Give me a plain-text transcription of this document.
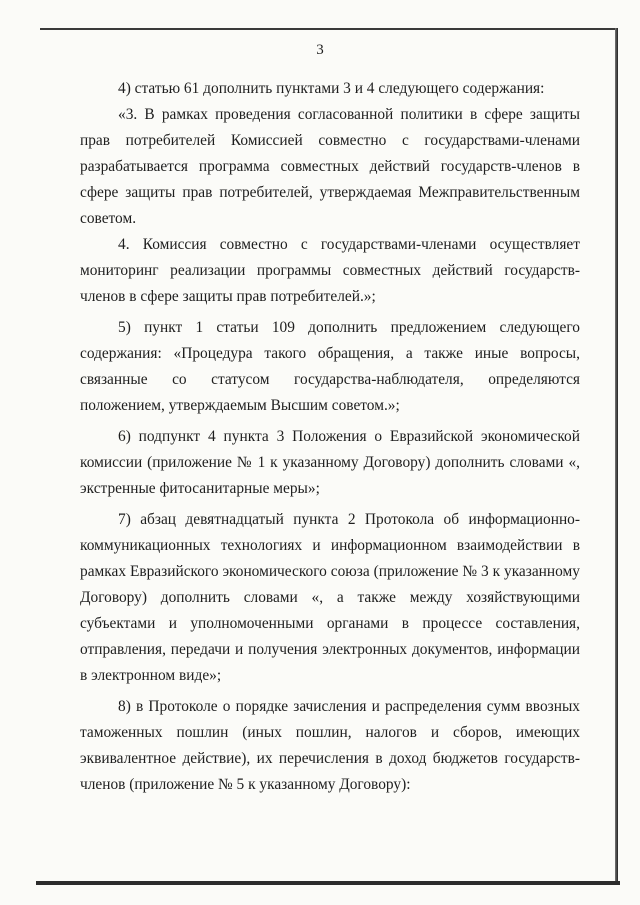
3

4) статью 61 дополнить пунктами 3 и 4 следующего содержания:

«3. В рамках проведения согласованной политики в сфере защиты прав потребителей Комиссией совместно с государствами-членами разрабатывается программа совместных действий государств-членов в сфере защиты прав потребителей, утверждаемая Межправительственным советом.

4. Комиссия совместно с государствами-членами осуществляет мониторинг реализации программы совместных действий государств-членов в сфере защиты прав потребителей.»;

5) пункт 1 статьи 109 дополнить предложением следующего содержания: «Процедура такого обращения, а также иные вопросы, связанные со статусом государства-наблюдателя, определяются положением, утверждаемым Высшим советом.»;

6) подпункт 4 пункта 3 Положения о Евразийской экономической комиссии (приложение № 1 к указанному Договору) дополнить словами «, экстренные фитосанитарные меры»;

7) абзац девятнадцатый пункта 2 Протокола об информационно-коммуникационных технологиях и информационном взаимодействии в рамках Евразийского экономического союза (приложение № 3 к указанному Договору) дополнить словами «, а также между хозяйствующими субъектами и уполномоченными органами в процессе составления, отправления, передачи и получения электронных документов, информации в электронном виде»;

8) в Протоколе о порядке зачисления и распределения сумм ввозных таможенных пошлин (иных пошлин, налогов и сборов, имеющих эквивалентное действие), их перечисления в доход бюджетов государств-членов (приложение № 5 к указанному Договору):
